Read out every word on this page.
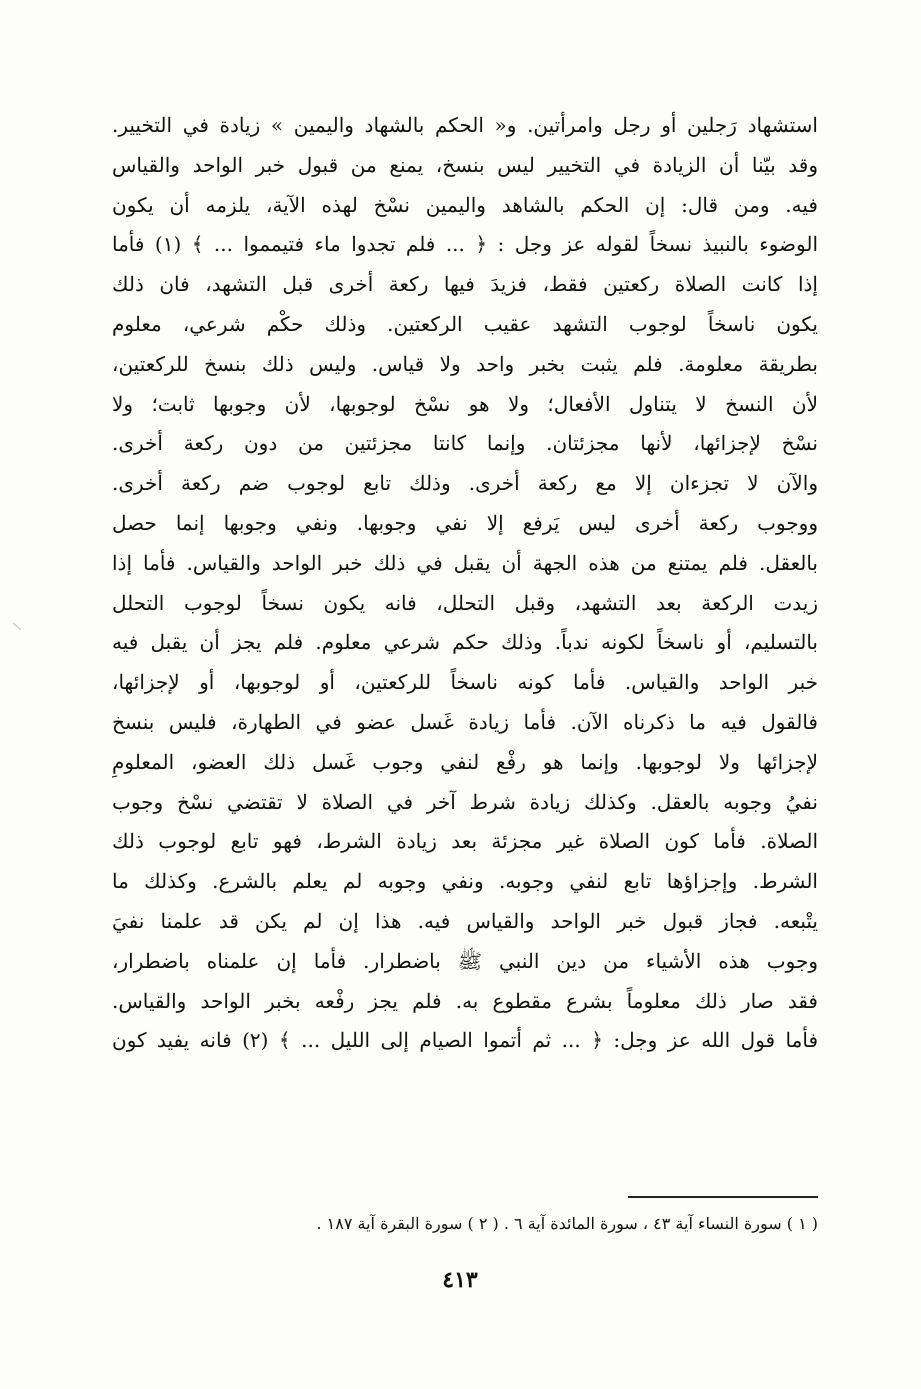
استشهاد رَجلين أو رجل وامرأتين. و« الحكم بالشهاد واليمين » زيادة في التخيير.
وقد بيّنا أن الزيادة في التخيير ليس بنسخ، يمنع من قبول خبر الواحد والقياس
فيه. ومن قال: إن الحكم بالشاهد واليمين نسْخ لهذه الآية، يلزمه أن يكون
الوضوء بالنبيذ نسخاً لقوله عز وجل : ﴿ ... فلم تجدوا ماء فتيمموا ... ﴾ (١) فأما
إذا كانت الصلاة ركعتين فقط، فزيدَ فيها ركعة أخرى قبل التشهد، فان ذلك
يكون ناسخاً لوجوب التشهد عقيب الركعتين. وذلك حكْم شرعي، معلوم
بطريقة معلومة. فلم يثبت بخبر واحد ولا قياس. وليس ذلك بنسخ للركعتين،
لأن النسخ لا يتناول الأفعال؛ ولا هو نسْخ لوجوبها، لأن وجوبها ثابت؛ ولا
نسْخ لإجزائها، لأنها مجزئتان. وإنما كانتا مجزئتين من دون ركعة أخرى.
والآن لا تجزءان إلا مع ركعة أخرى. وذلك تابع لوجوب ضم ركعة أخرى.
ووجوب ركعة أخرى ليس يَرفع إلا نفي وجوبها. ونفي وجوبها إنما حصل
بالعقل. فلم يمتنع من هذه الجهة أن يقبل في ذلك خبر الواحد والقياس. فأما إذا
زيدت الركعة بعد التشهد، وقبل التحلل، فانه يكون نسخاً لوجوب التحلل
بالتسليم، أو ناسخاً لكونه ندباً. وذلك حكم شرعي معلوم. فلم يجز أن يقبل فيه
خبر الواحد والقياس. فأما كونه ناسخاً للركعتين، أو لوجوبها، أو لإجزائها،
فالقول فيه ما ذكرناه الآن. فأما زيادة غَسل عضو في الطهارة، فليس بنسخ
لإجزائها ولا لوجوبها. وإنما هو رفْع لنفي وجوب غَسل ذلك العضو، المعلومِ
نفيُ وجوبه بالعقل. وكذلك زيادة شرط آخر في الصلاة لا تقتضي نسْخ وجوب
الصلاة. فأما كون الصلاة غير مجزئة بعد زيادة الشرط، فهو تابع لوجوب ذلك
الشرط. وإجزاؤها تابع لنفي وجوبه. ونفي وجوبه لم يعلم بالشرع. وكذلك ما
يتْبعه. فجاز قبول خبر الواحد والقياس فيه. هذا إن لم يكن قد علمنا نفيَ
وجوب هذه الأشياء من دين النبي ﷺ باضطرار. فأما إن علمناه باضطرار،
فقد صار ذلك معلوماً بشرع مقطوع به. فلم يجز رفْعه بخبر الواحد والقياس.
فأما قول الله عز وجل: ﴿ ... ثم أتموا الصيام إلى الليل ... ﴾ (٢) فانه يفيد كون
( ١ ) سورة النساء آية ٤٣ ، سورة المائدة آية ٦ . ( ٢ ) سورة البقرة آية ١٨٧ .
٤١٣
